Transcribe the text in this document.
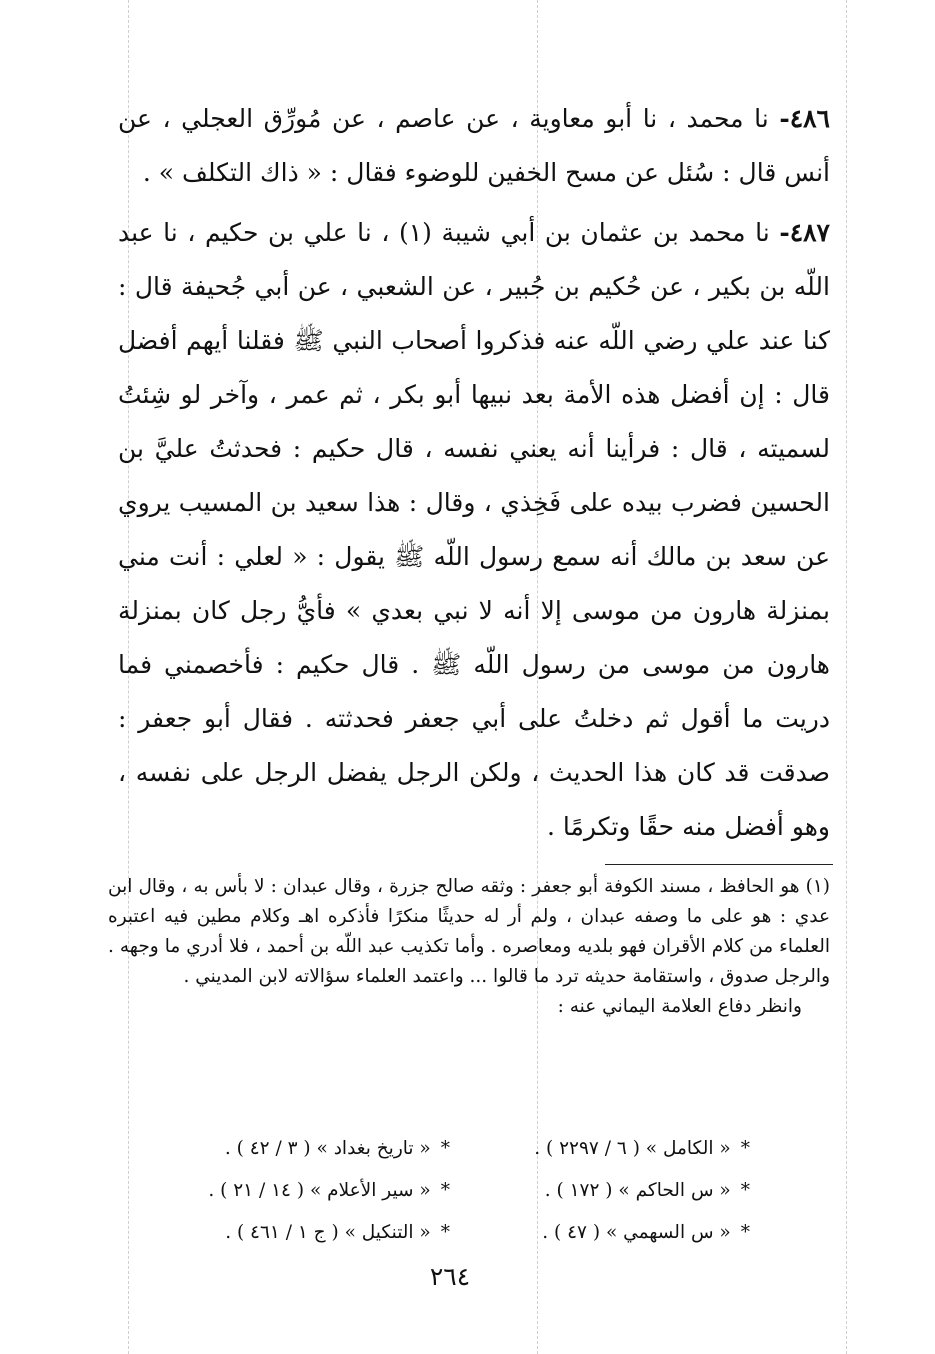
٤٨٦- نا محمد ، نا أبو معاوية ، عن عاصم ، عن مُورِّق العجلي ، عن أنس قال : سُئل عن مسح الخفين للوضوء فقال : « ذاك التكلف » .

٤٨٧- نا محمد بن عثمان بن أبي شيبة (١) ، نا علي بن حكيم ، نا عبد اللّه بن بكير ، عن حُكيم بن جُبير ، عن الشعبي ، عن أبي جُحيفة قال : كنا عند علي رضي اللّه عنه فذكروا أصحاب النبي ﷺ فقلنا أيهم أفضل قال : إن أفضل هذه الأمة بعد نبيها أبو بكر ، ثم عمر ، وآخر لو شِئتُ لسميته ، قال : فرأينا أنه يعني نفسه ، قال حكيم : فحدثتُ عليَّ بن الحسين فضرب بيده على فَخِذي ، وقال : هذا سعيد بن المسيب يروي عن سعد بن مالك أنه سمع رسول اللّه ﷺ يقول : « لعلي : أنت مني بمنزلة هارون من موسى إلا أنه لا نبي بعدي » فأيُّ رجل كان بمنزلة هارون من موسى من رسول اللّه ﷺ . قال حكيم : فأخصمني فما دريت ما أقول ثم دخلتُ على أبي جعفر فحدثته . فقال أبو جعفر : صدقت قد كان هذا الحديث ، ولكن الرجل يفضل الرجل على نفسه ، وهو أفضل منه حقًا وتكرمًا .

(١) هو الحافظ ، مسند الكوفة أبو جعفر : وثقه صالح جزرة ، وقال عبدان : لا بأس به ، وقال ابن عدي : هو على ما وصفه عبدان ، ولم أر له حديثًا منكرًا فأذكره اهـ وكلام مطين فيه اعتبره العلماء من كلام الأقران فهو بلديه ومعاصره . وأما تكذيب عبد اللّه بن أحمد ، فلا أدري ما وجهه . والرجل صدوق ، واستقامة حديثه ترد ما قالوا ... واعتمد العلماء سؤالاته لابن المديني .

وانظر دفاع العلامة اليماني عنه :

*« الكامل » ( ٦ / ٢٢٩٧ ) .
*« تاريخ بغداد » ( ٣ / ٤٢ ) .
*« س الحاكم » ( ١٧٢ ) .
*« سير الأعلام » ( ١٤ / ٢١ ) .
*« س السهمي » ( ٤٧ ) .
*« التنكيل » ( ج ١ / ٤٦١ ) .
٢٦٤
